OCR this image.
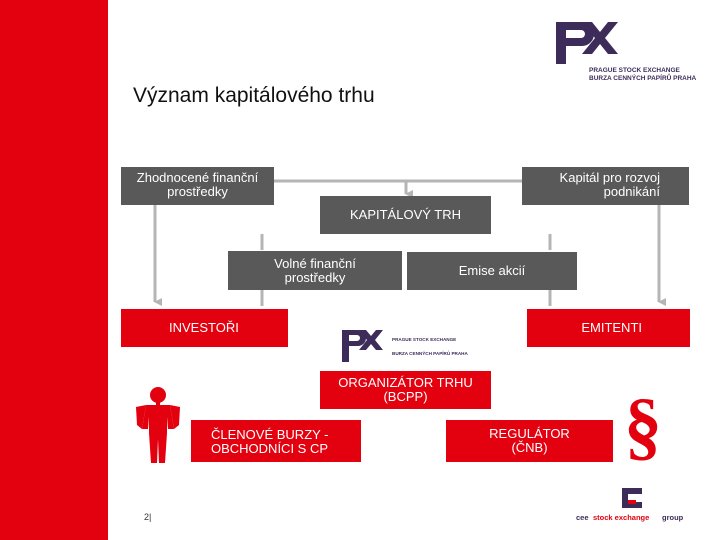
PRAGUE STOCK EXCHANGE
BURZA CENNÝCH PAPÍRŮ PRAHA
Význam kapitálového trhu
Zhodnocené finanční
prostředky
Kapitál pro rozvoj
podnikání
KAPITÁLOVÝ TRH
Volné finanční
prostředky	Emise akcií
INVESTOŘI	EMITENTI
PRAGUE STOCK EXCHANGE
BURZA CENNÝCH PAPÍRŮ PRAHA
ORGANIZÁTOR TRHU
(BCPP)
ČLENOVÉ BURZY -
OBCHODNÍCI S CP
REGULÁTOR
(ČNB)	§
2|	cee stock exchange group
